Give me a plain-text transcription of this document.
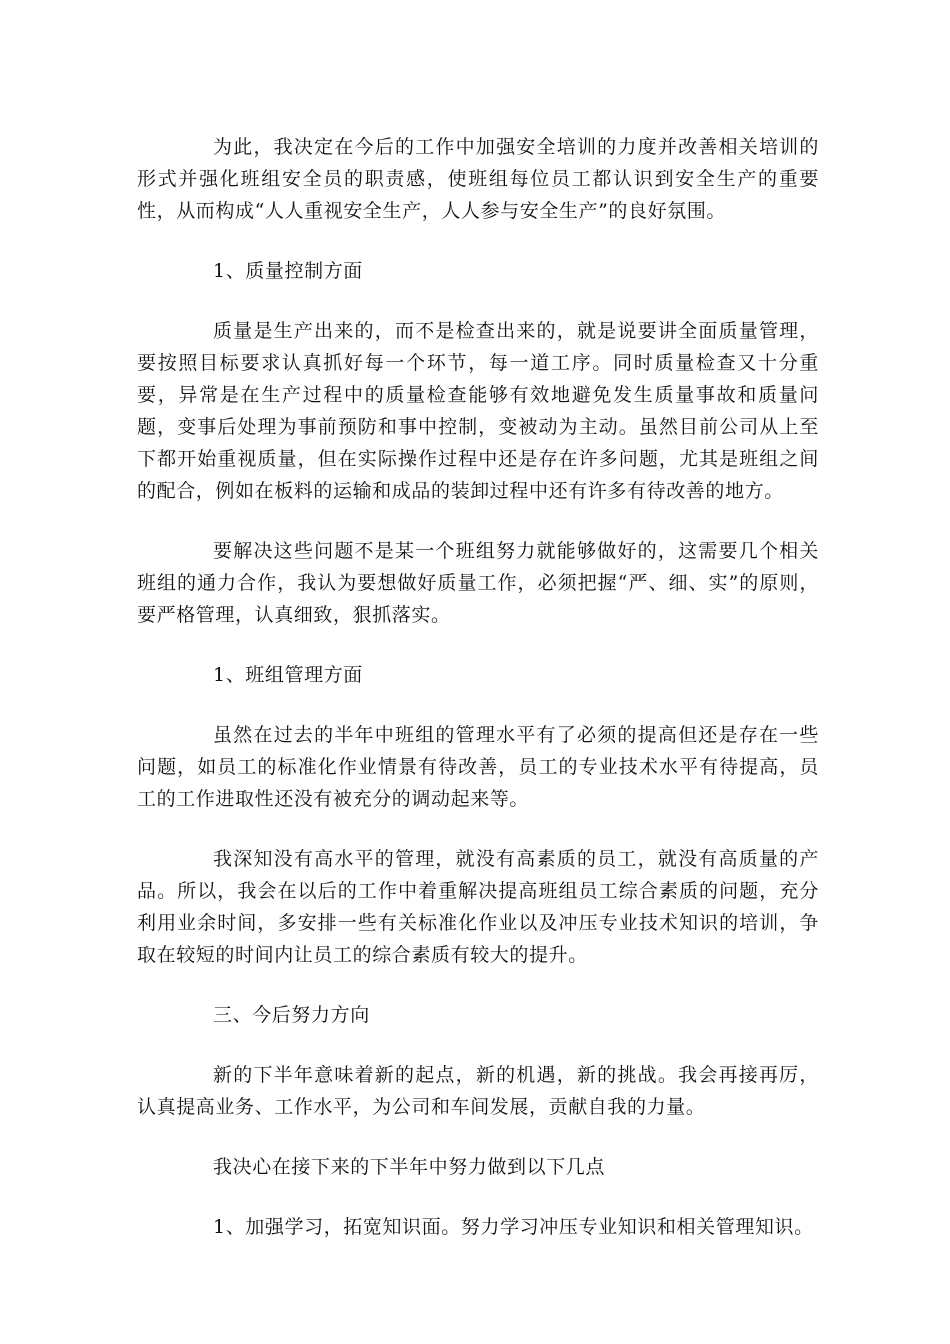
为此，我决定在今后的工作中加强安全培训的力度并改善相关培训的形式并强化班组安全员的职责感，使班组每位员工都认识到安全生产的重要性，从而构成“人人重视安全生产，人人参与安全生产”的良好氛围。

1、质量控制方面

质量是生产出来的，而不是检查出来的，就是说要讲全面质量管理，要按照目标要求认真抓好每一个环节，每一道工序。同时质量检查又十分重要，异常是在生产过程中的质量检查能够有效地避免发生质量事故和质量问题，变事后处理为事前预防和事中控制，变被动为主动。虽然目前公司从上至下都开始重视质量，但在实际操作过程中还是存在许多问题，尤其是班组之间的配合，例如在板料的运输和成品的装卸过程中还有许多有待改善的地方。

要解决这些问题不是某一个班组努力就能够做好的，这需要几个相关班组的通力合作，我认为要想做好质量工作，必须把握“严、细、实”的原则，要严格管理，认真细致，狠抓落实。

1、班组管理方面

虽然在过去的半年中班组的管理水平有了必须的提高但还是存在一些问题，如员工的标准化作业情景有待改善，员工的专业技术水平有待提高，员工的工作进取性还没有被充分的调动起来等。

我深知没有高水平的管理，就没有高素质的员工，就没有高质量的产品。所以，我会在以后的工作中着重解决提高班组员工综合素质的问题，充分利用业余时间，多安排一些有关标准化作业以及冲压专业技术知识的培训，争取在较短的时间内让员工的综合素质有较大的提升。

三、今后努力方向

新的下半年意味着新的起点，新的机遇，新的挑战。我会再接再厉，认真提高业务、工作水平，为公司和车间发展，贡献自我的力量。

我决心在接下来的下半年中努力做到以下几点

1、加强学习，拓宽知识面。努力学习冲压专业知识和相关管理知识。
